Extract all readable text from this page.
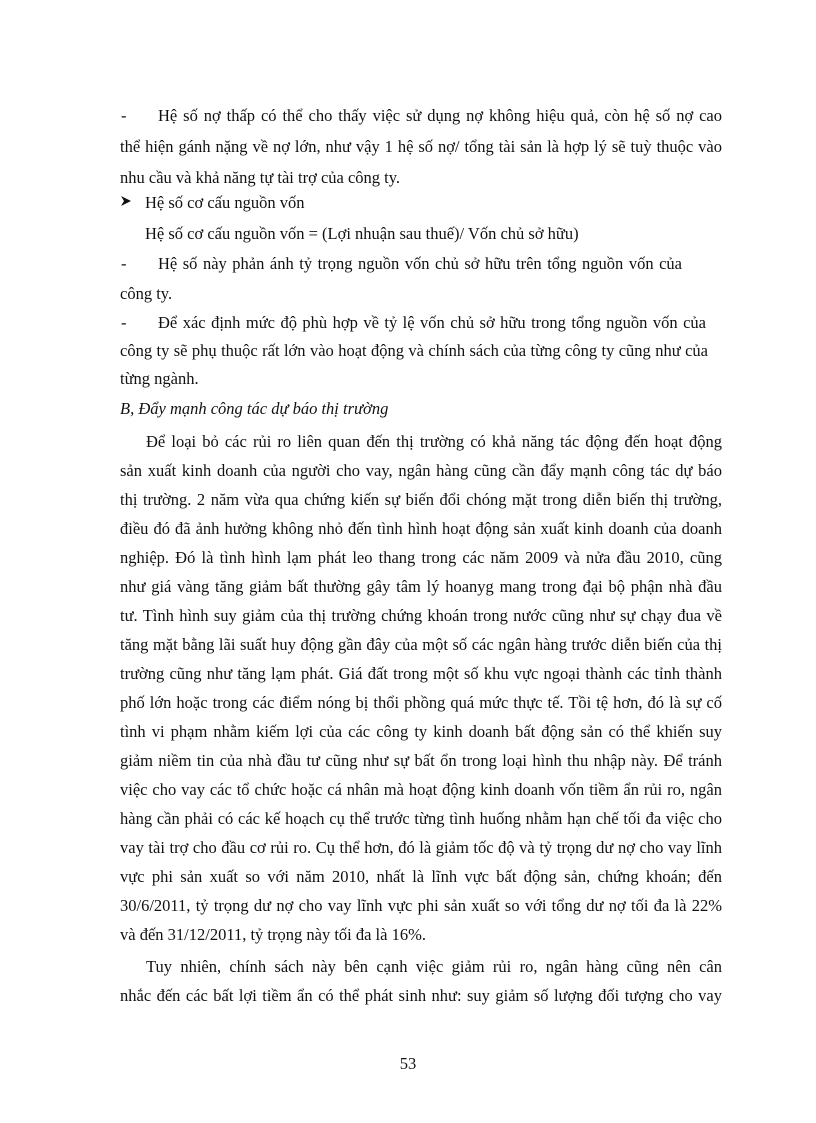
- Hệ số nợ thấp có thể cho thấy việc sử dụng nợ không hiệu quả, còn hệ số nợ cao
thể hiện gánh nặng về nợ lớn, như vậy 1 hệ số nợ/ tổng tài sản là hợp lý sẽ tuỳ thuộc vào
nhu cầu và khả năng tự tài trợ của công ty.
Hệ số cơ cấu nguồn vốn
Hệ số cơ cấu nguồn vốn = (Lợi nhuận sau thuế)/ Vốn chủ sở hữu)
- Hệ số này phản ánh tỷ trọng nguồn vốn chủ sở hữu trên tổng nguồn vốn của
công ty.
- Để xác định mức độ phù hợp về tỷ lệ vốn chủ sở hữu trong tổng nguồn vốn của
công ty sẽ phụ thuộc rất lớn vào hoạt động và chính sách của từng công ty cũng như của
từng ngành.
B, Đẩy mạnh công tác dự báo thị trường
Để loại bỏ các rủi ro liên quan đến thị trường có khả năng tác động đến hoạt động
sản xuất kinh doanh của người cho vay, ngân hàng cũng cần đẩy mạnh công tác dự báo
thị trường. 2 năm vừa qua chứng kiến sự biến đổi chóng mặt trong diễn biến thị trường,
điều đó đã ảnh hưởng không nhỏ đến tình hình hoạt động sản xuất kinh doanh của doanh
nghiệp. Đó là tình hình lạm phát leo thang trong các năm 2009 và nửa đầu 2010, cũng
như giá vàng tăng giảm bất thường gây tâm lý hoanyg mang trong đại bộ phận nhà đầu
tư. Tình hình suy giảm của thị trường chứng khoán trong nước cũng như sự chạy đua về
tăng mặt bằng lãi suất huy động gần đây của một số các ngân hàng trước diễn biến của thị
trường cũng như tăng lạm phát. Giá đất trong một số khu vực ngoại thành các tỉnh thành
phố lớn hoặc trong các điểm nóng bị thổi phồng quá mức thực tế. Tồi tệ hơn, đó là sự cố
tình vi phạm nhằm kiếm lợi của các công ty kinh doanh bất động sản có thể khiến suy
giảm niềm tin của nhà đầu tư cũng như sự bất ổn trong loại hình thu nhập này. Để tránh
việc cho vay các tổ chức hoặc cá nhân mà hoạt động kinh doanh vốn tiềm ẩn rủi ro, ngân
hàng cần phải có các kế hoạch cụ thể trước từng tình huống nhằm hạn chế tối đa việc cho
vay tài trợ cho đầu cơ rủi ro. Cụ thể hơn, đó là giảm tốc độ và tỷ trọng dư nợ cho vay lĩnh
vực phi sản xuất so với năm 2010, nhất là lĩnh vực bất động sản, chứng khoán; đến
30/6/2011, tỷ trọng dư nợ cho vay lĩnh vực phi sản xuất so với tổng dư nợ tối đa là 22%
và đến 31/12/2011, tỷ trọng này tối đa là 16%.
Tuy nhiên, chính sách này bên cạnh việc giảm rủi ro, ngân hàng cũng nên cân
nhắc đến các bất lợi tiềm ẩn có thể phát sinh như: suy giảm số lượng đối tượng cho vay
53
